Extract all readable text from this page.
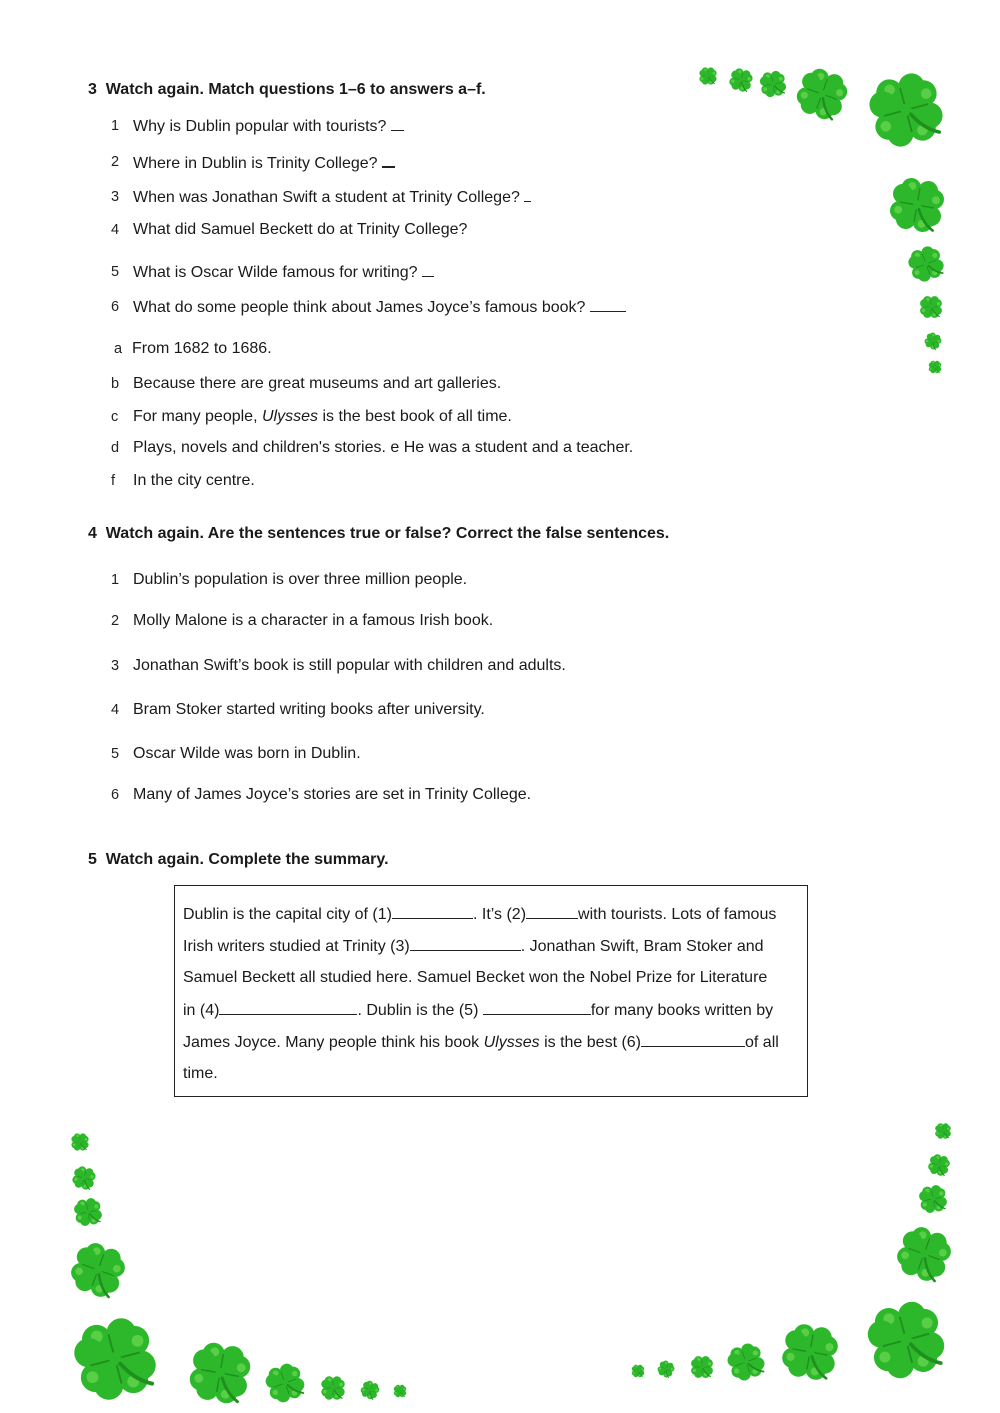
3 Watch again. Match questions 1–6 to answers a–f.
1 Why is Dublin popular with tourists?
2 Where in Dublin is Trinity College?
3 When was Jonathan Swift a student at Trinity College?
4 What did Samuel Beckett do at Trinity College?
5 What is Oscar Wilde famous for writing?
6 What do some people think about James Joyce’s famous book?
a From 1682 to 1686.
b Because there are great museums and art galleries.
c For many people, Ulysses is the best book of all time.
d Plays, novels and children's stories. e He was a student and a teacher.
f In the city centre.
4 Watch again. Are the sentences true or false? Correct the false sentences.
1 Dublin’s population is over three million people.
2 Molly Malone is a character in a famous Irish book.
3 Jonathan Swift’s book is still popular with children and adults.
4 Bram Stoker started writing books after university.
5 Oscar Wilde was born in Dublin.
6 Many of James Joyce’s stories are set in Trinity College.
5 Watch again. Complete the summary.
Dublin is the capital city of (1)	. It’s (2)	with tourists. Lots of famous
Irish writers studied at Trinity (3)	. Jonathan Swift, Bram Stoker and
Samuel Beckett all studied here. Samuel Becket won the Nobel Prize for Literature
in (4)	. Dublin is the (5)	for many books written by
James Joyce. Many people think his book Ulysses is the best (6)	of all
time.
